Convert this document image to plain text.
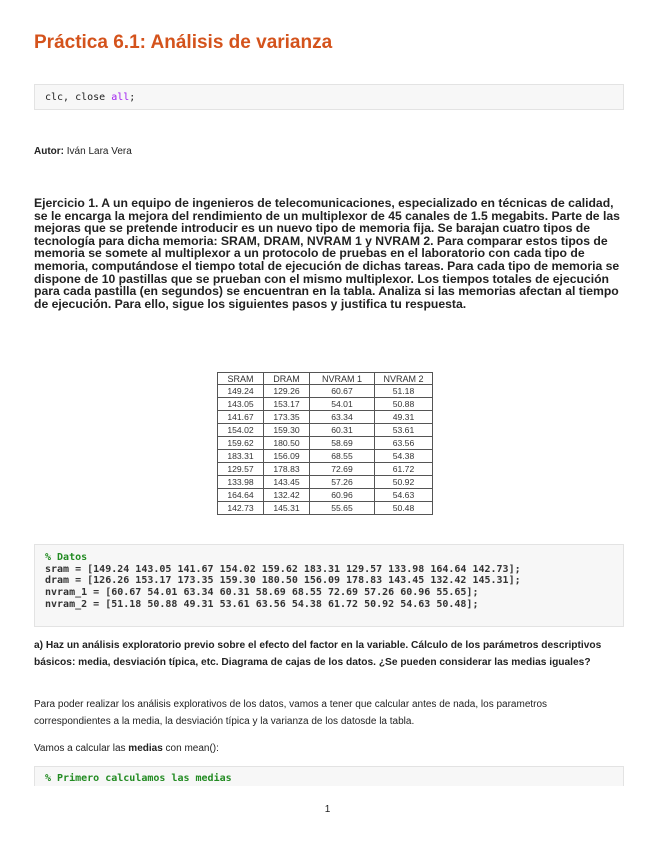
Práctica 6.1: Análisis de varianza
clc, close all;
Autor: Iván Lara Vera
Ejercicio 1. A un equipo de ingenieros de telecomunicaciones, especializado en técnicas de calidad, se le encarga la mejora del rendimiento de un multiplexor de 45 canales de 1.5 megabits. Parte de las mejoras que se pretende introducir es un nuevo tipo de memoria fija. Se barajan cuatro tipos de tecnología para dicha memoria: SRAM, DRAM, NVRAM 1 y NVRAM 2. Para comparar estos tipos de memoria se somete al multiplexor a un protocolo de pruebas en el laboratorio con cada tipo de memoria, computándose el tiempo total de ejecución de dichas tareas. Para cada tipo de memoria se dispone de 10 pastillas que se prueban con el mismo multiplexor. Los tiempos totales de ejecución para cada pastilla (en segundos) se encuentran en la tabla. Analiza si las memorias afectan al tiempo de ejecución. Para ello, sigue los siguientes pasos y justifica tu respuesta.
SRAM	DRAM	NVRAM 1	NVRAM 2
149.24	129.26	60.67	51.18
143.05	153.17	54.01	50.88
141.67	173.35	63.34	49.31
154.02	159.30	60.31	53.61
159.62	180.50	58.69	63.56
183.31	156.09	68.55	54.38
129.57	178.83	72.69	61.72
133.98	143.45	57.26	50.92
164.64	132.42	60.96	54.63
142.73	145.31	55.65	50.48
% Datos
sram = [149.24 143.05 141.67 154.02 159.62 183.31 129.57 133.98 164.64 142.73];
dram = [126.26 153.17 173.35 159.30 180.50 156.09 178.83 143.45 132.42 145.31];
nvram_1 = [60.67 54.01 63.34 60.31 58.69 68.55 72.69 57.26 60.96 55.65];
nvram_2 = [51.18 50.88 49.31 53.61 63.56 54.38 61.72 50.92 54.63 50.48];
a) Haz un análisis exploratorio previo sobre el efecto del factor en la variable. Cálculo de los parámetros descriptivos básicos: media, desviación típica, etc. Diagrama de cajas de los datos. ¿Se pueden considerar las medias iguales?
Para poder realizar los análisis explorativos de los datos, vamos a tener que calcular antes de nada, los parametros correspondientes a la media, la desviación típica y la varianza de los datosde la tabla.
Vamos a calcular las medias con mean():
% Primero calculamos las medias
1
